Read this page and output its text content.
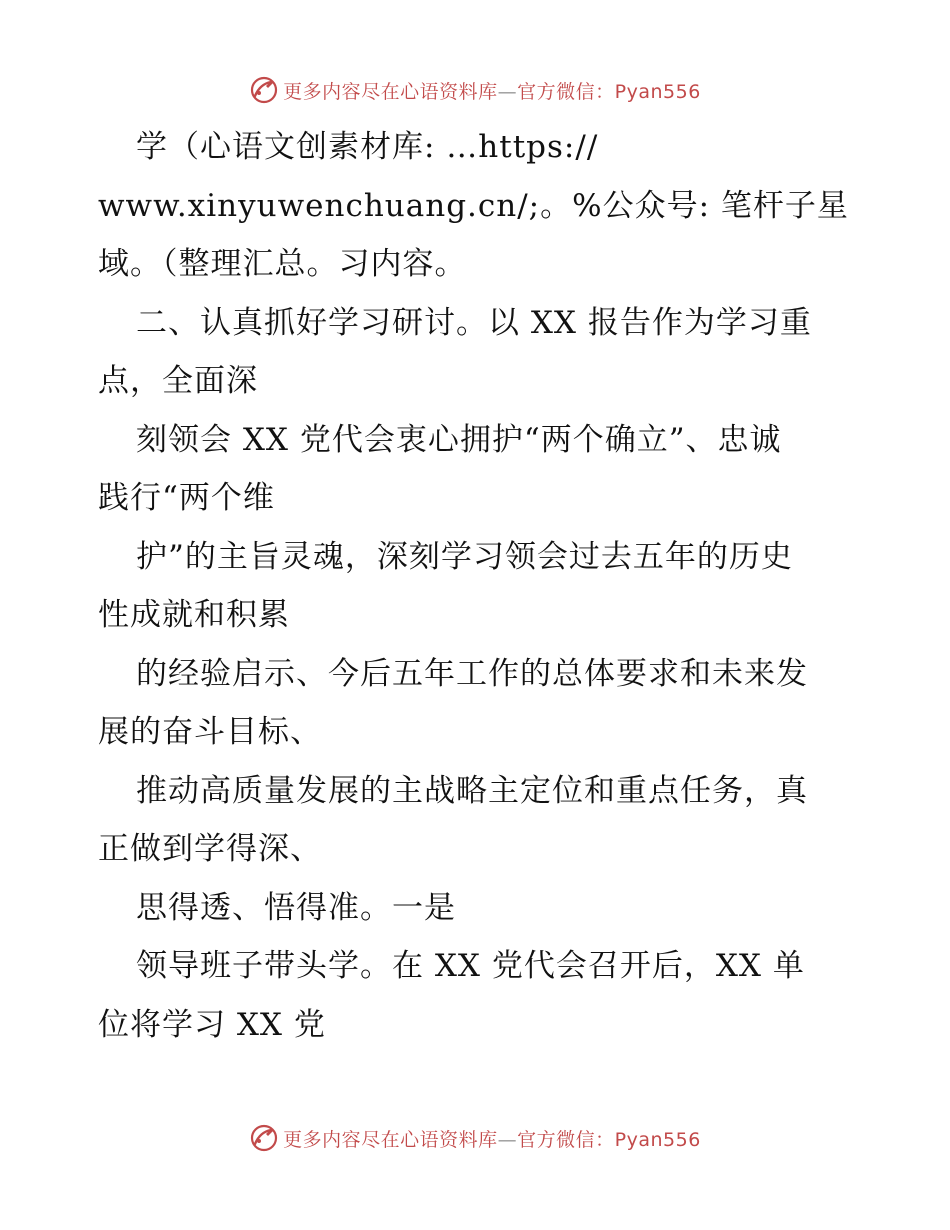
更多内容尽在心语资料库—官方微信：Pyan556
学（心语文创素材库: …https://
www.xinyuwenchuang.cn/;。%公众号: 笔杆子星
域。（整理汇总。习内容。
二、认真抓好学习研讨。以 XX 报告作为学习重
点，全面深
刻领会 XX 党代会衷心拥护“两个确立”、忠诚
践行“两个维
护”的主旨灵魂，深刻学习领会过去五年的历史
性成就和积累
的经验启示、今后五年工作的总体要求和未来发
展的奋斗目标、
推动高质量发展的主战略主定位和重点任务，真
正做到学得深、
思得透、悟得准。一是
领导班子带头学。在 XX 党代会召开后，XX 单
位将学习 XX 党
更多内容尽在心语资料库—官方微信：Pyan556
